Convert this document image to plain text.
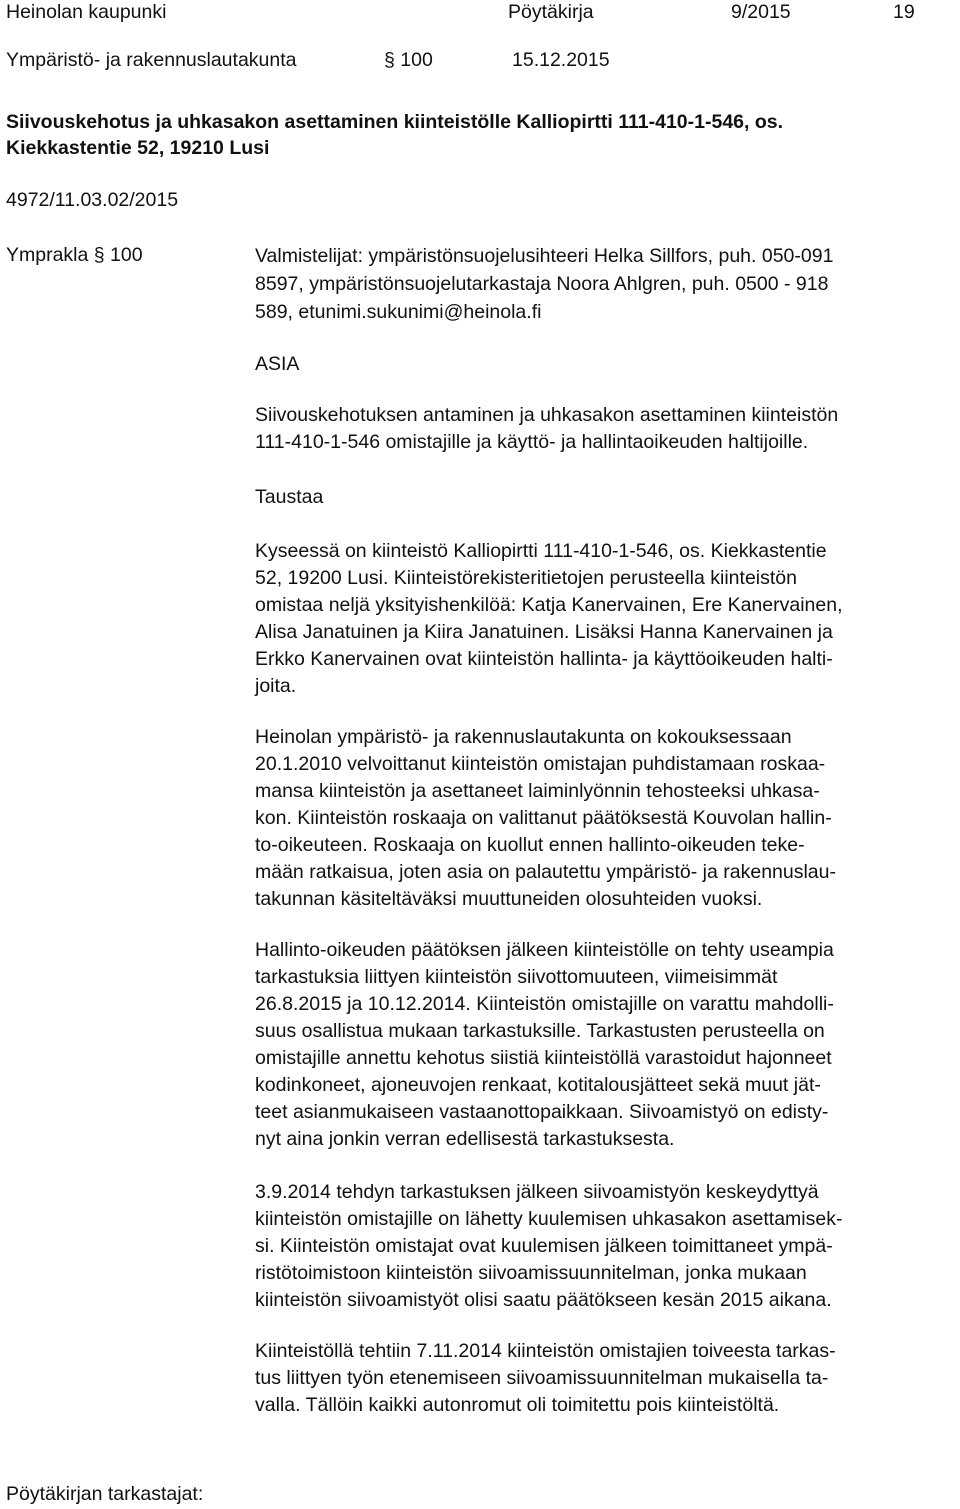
Heinolan kaupunki	Pöytäkirja	9/2015	19
Ympäristö- ja rakennuslautakunta	§ 100	15.12.2015
Siivouskehotus ja uhkasakon asettaminen kiinteistölle Kalliopirtti 111-410-1-546, os.
Kiekkastentie 52, 19210 Lusi
4972/11.03.02/2015
Ymprakla § 100	Valmistelijat: ympäristönsuojelusihteeri Helka Sillfors, puh. 050-091
8597, ympäristönsuojelutarkastaja Noora Ahlgren, puh. 0500 - 918
589, etunimi.sukunimi@heinola.fi
ASIA
Siivouskehotuksen antaminen ja uhkasakon asettaminen kiinteistön
111-410-1-546 omistajille ja käyttö- ja hallintaoikeuden haltijoille.
Taustaa
Kyseessä on kiinteistö Kalliopirtti 111-410-1-546, os. Kiekkastentie
52, 19200 Lusi. Kiinteistörekisteritietojen perusteella kiinteistön
omistaa neljä yksityishenkilöä: Katja Kanervainen, Ere Kanervainen,
Alisa Janatuinen ja Kiira Janatuinen. Lisäksi Hanna Kanervainen ja
Erkko Kanervainen ovat kiinteistön hallinta- ja käyttöoikeuden halti-
joita.
Heinolan ympäristö- ja rakennuslautakunta on kokouksessaan
20.1.2010 velvoittanut kiinteistön omistajan puhdistamaan roskaa-
mansa kiinteistön ja asettaneet laiminlyönnin tehosteeksi uhkasa-
kon. Kiinteistön roskaaja on valittanut päätöksestä Kouvolan hallin-
to-oikeuteen. Roskaaja on kuollut ennen hallinto-oikeuden teke-
mään ratkaisua, joten asia on palautettu ympäristö- ja rakennuslau-
takunnan käsiteltäväksi muuttuneiden olosuhteiden vuoksi.
Hallinto-oikeuden päätöksen jälkeen kiinteistölle on tehty useampia
tarkastuksia liittyen kiinteistön siivottomuuteen, viimeisimmät
26.8.2015 ja 10.12.2014. Kiinteistön omistajille on varattu mahdolli-
suus osallistua mukaan tarkastuksille. Tarkastusten perusteella on
omistajille annettu kehotus siistiä kiinteistöllä varastoidut hajonneet
kodinkoneet, ajoneuvojen renkaat, kotitalousjätteet sekä muut jät-
teet asianmukaiseen vastaanottopaikkaan. Siivoamistyö on edisty-
nyt aina jonkin verran edellisestä tarkastuksesta.
3.9.2014 tehdyn tarkastuksen jälkeen siivoamistyön keskeydyttyä
kiinteistön omistajille on lähetty kuulemisen uhkasakon asettamisek-
si. Kiinteistön omistajat ovat kuulemisen jälkeen toimittaneet ympä-
ristötoimistoon kiinteistön siivoamissuunnitelman, jonka mukaan
kiinteistön siivoamistyöt olisi saatu päätökseen kesän 2015 aikana.
Kiinteistöllä tehtiin 7.11.2014 kiinteistön omistajien toiveesta tarkas-
tus liittyen työn etenemiseen siivoamissuunnitelman mukaisella ta-
valla. Tällöin kaikki autonromut oli toimitettu pois kiinteistöltä.
Pöytäkirjan tarkastajat:
